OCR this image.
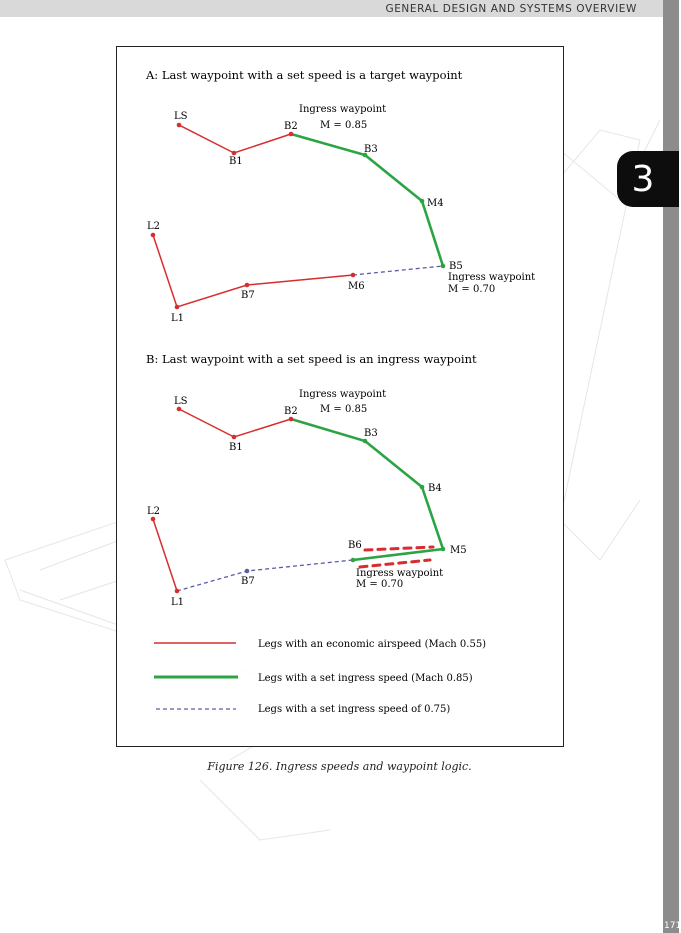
GENERAL DESIGN AND SYSTEMS OVERVIEW
3
171
A: Last waypoint with a set speed is a target waypoint
LS
B1
B2
B3
M4
B5
M6
B7
L1
L2
Ingress waypoint
M = 0.85
Ingress waypoint
M = 0.70
B: Last waypoint with a set speed is an ingress waypoint
LS
B1
B2
B3
B4
M5
B6
B7
L1
L2
Ingress waypoint
M = 0.85
Ingress waypoint
M = 0.70
Legs with an economic airspeed (Mach 0.55)
Legs with a set ingress speed (Mach 0.85)
Legs with a set ingress speed of 0.75)
Figure 126. Ingress speeds and waypoint logic.
